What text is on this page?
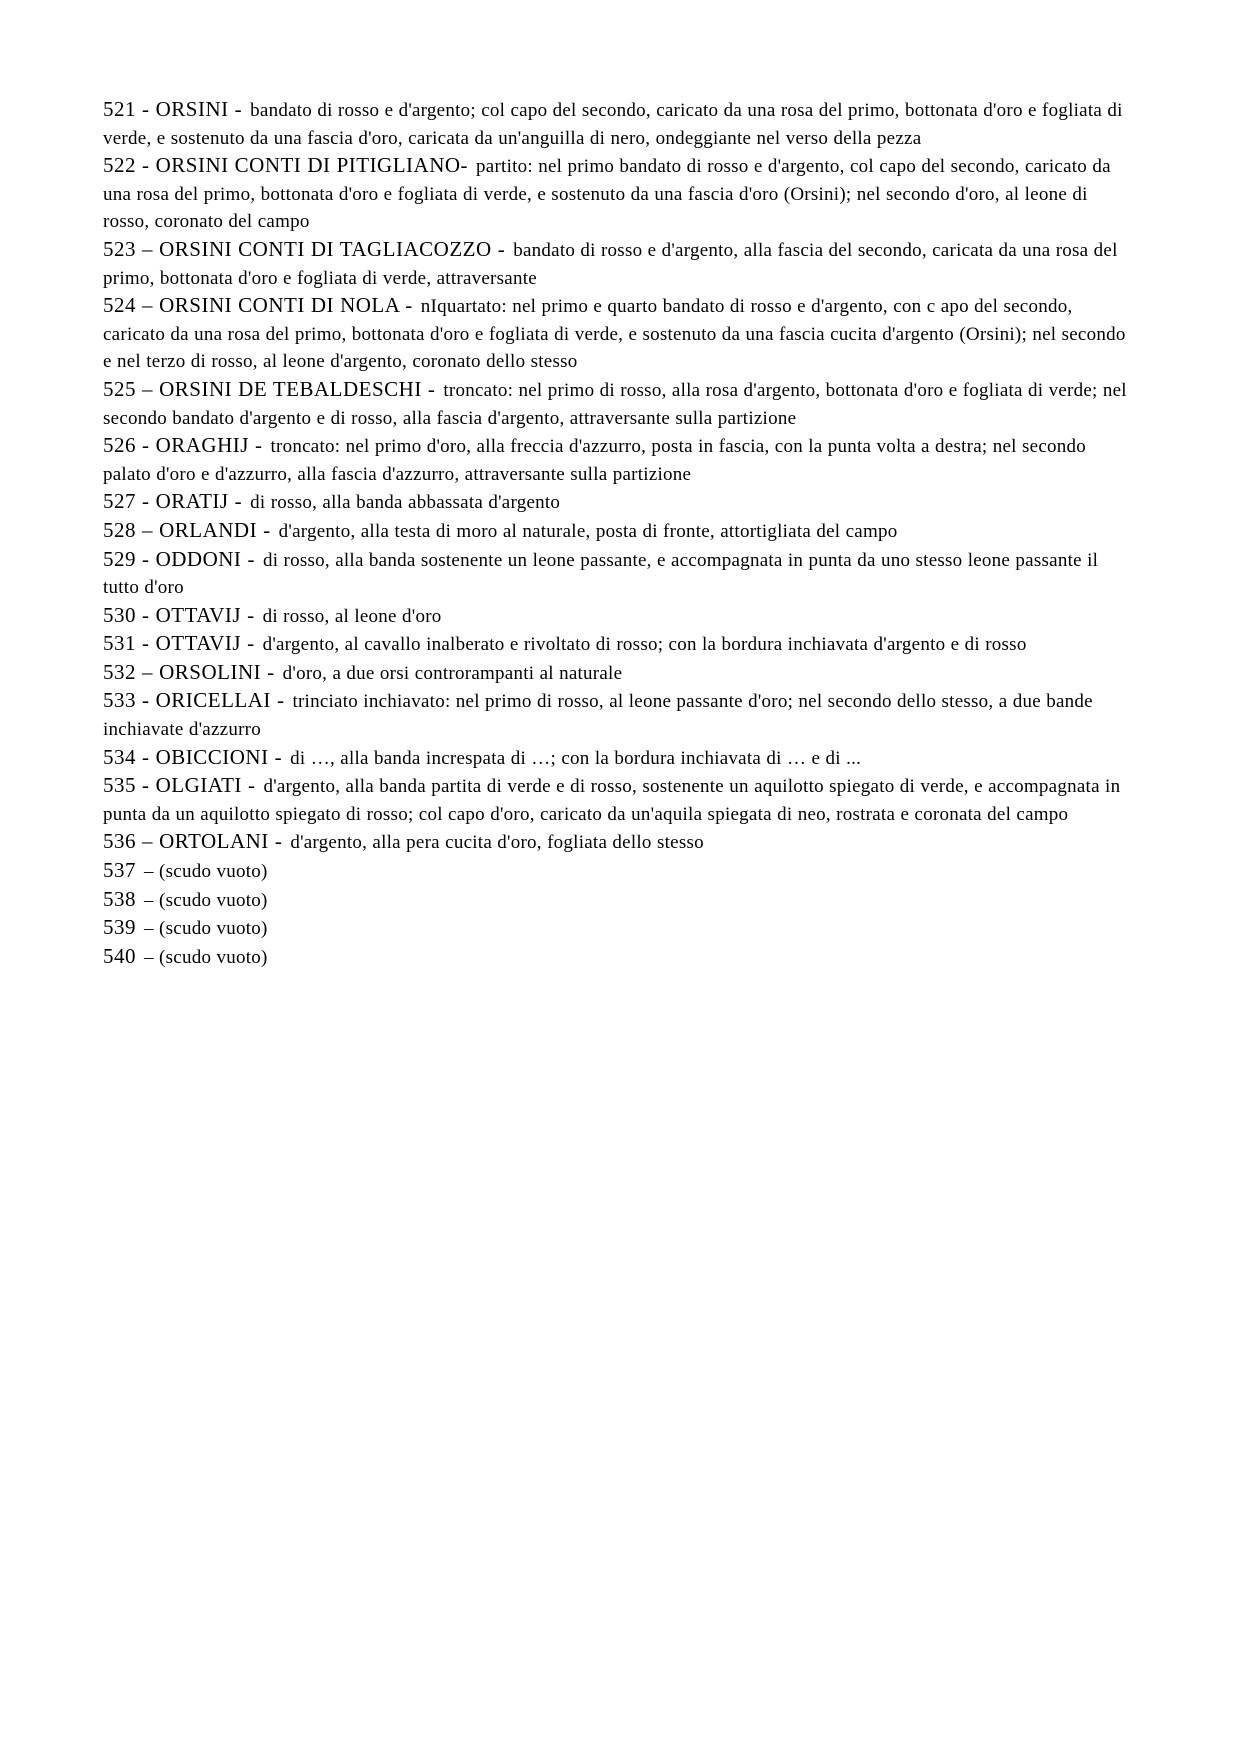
521 - ORSINI - bandato di rosso e d'argento; col capo del secondo, caricato da una rosa del primo, bottonata d'oro e fogliata di verde, e sostenuto da una fascia d'oro, caricata da un'anguilla di nero, ondeggiante nel verso della pezza

522 - ORSINI CONTI DI PITIGLIANO- partito: nel primo bandato di rosso e d'argento, col capo del secondo, caricato da una rosa del primo, bottonata d'oro e fogliata di verde, e sostenuto da una fascia d'oro (Orsini); nel secondo d'oro, al leone di rosso, coronato del campo

523 – ORSINI CONTI DI TAGLIACOZZO - bandato di rosso e d'argento, alla fascia del secondo, caricata da una rosa del primo, bottonata d'oro e fogliata di verde, attraversante

524 – ORSINI CONTI DI NOLA - nIquartato: nel primo e quarto bandato di rosso e d'argento, con c apo del secondo, caricato da una rosa del primo, bottonata d'oro e fogliata di verde, e sostenuto da una fascia cucita d'argento (Orsini); nel secondo e nel terzo di rosso, al leone d'argento, coronato dello stesso

525 – ORSINI DE TEBALDESCHI - troncato: nel primo di rosso, alla rosa d'argento, bottonata d'oro e fogliata di verde; nel secondo bandato d'argento e di rosso, alla fascia d'argento, attraversante sulla partizione

526 - ORAGHIJ - troncato: nel primo d'oro, alla freccia d'azzurro, posta in fascia, con la punta volta a destra; nel secondo palato d'oro e d'azzurro, alla fascia d'azzurro, attraversante sulla partizione

527 - ORATIJ - di rosso, alla banda abbassata d'argento

528 – ORLANDI - d'argento, alla testa di moro al naturale, posta di fronte, attortigliata del campo

529 - ODDONI - di rosso, alla banda sostenente un leone passante, e accompagnata in punta da uno stesso leone passante il tutto d'oro

530 - OTTAVIJ - di rosso, al leone d'oro

531 - OTTAVIJ - d'argento, al cavallo inalberato e rivoltato di rosso; con la bordura inchiavata d'argento e di rosso

532 – ORSOLINI - d'oro, a due orsi controrampanti al naturale

533 - ORICELLAI - trinciato inchiavato: nel primo di rosso, al leone passante d'oro; nel secondo dello stesso, a due bande inchiavate d'azzurro

534 - OBICCIONI - di …, alla banda increspata di …; con la bordura inchiavata di … e di ...

535 - OLGIATI - d'argento, alla banda partita di verde e di rosso, sostenente un aquilotto spiegato di verde, e accompagnata in punta da un aquilotto spiegato di rosso; col capo d'oro, caricato da un'aquila spiegata di neo, rostrata e coronata del campo

536 – ORTOLANI - d'argento, alla pera cucita d'oro, fogliata dello stesso

537 – (scudo vuoto)

538 – (scudo vuoto)

539 – (scudo vuoto)

540 – (scudo vuoto)
